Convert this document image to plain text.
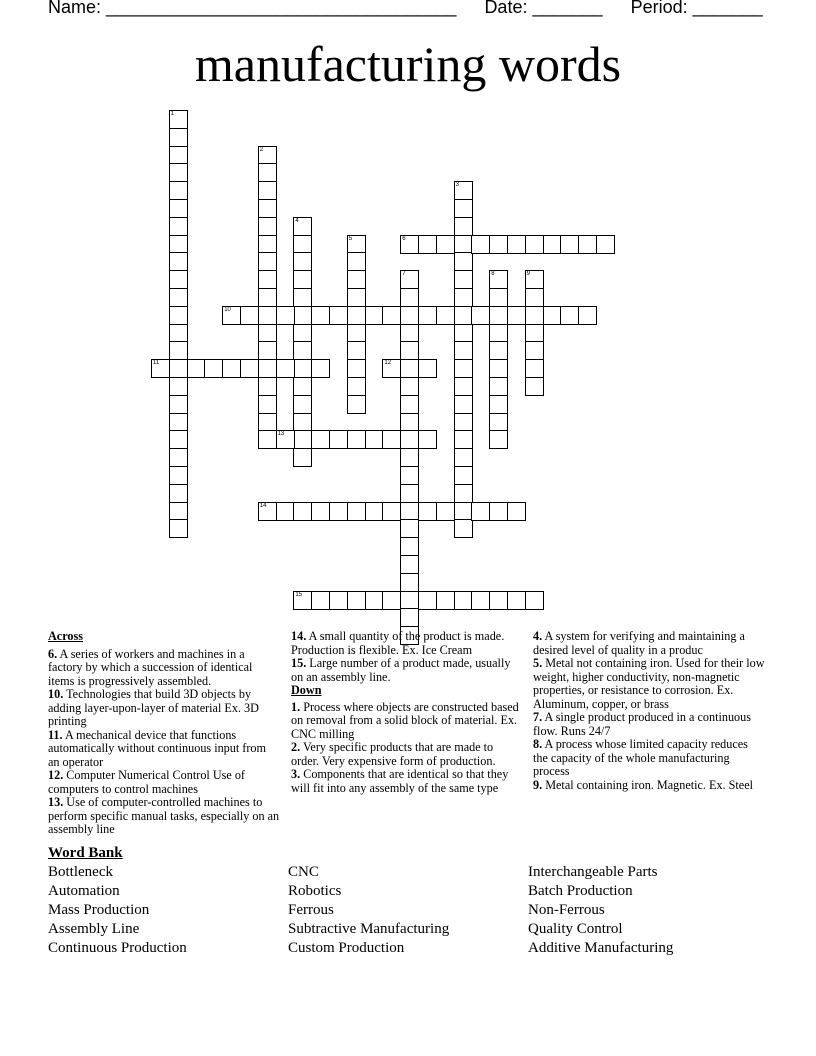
Name: ___________________________________ Date: _______ Period: _______
manufacturing words
1
2
3
4
5	6
7	8	9
10
11	12
13
14
15

Across

6. A series of workers and machines in a factory by which a succession of identical items is progressively assembled.

10. Technologies that build 3D objects by adding layer-upon-layer of material Ex. 3D printing

11. A mechanical device that functions automatically without continuous input from an operator

12. Computer Numerical Control Use of computers to control machines

13. Use of computer-controlled machines to perform specific manual tasks, especially on an assembly line

14. A small quantity of the product is made. Production is flexible. Ex. Ice Cream

15. Large number of a product made, usually on an assembly line.

Down

1. Process where objects are constructed based on removal from a solid block of material. Ex. CNC milling

2. Very specific products that are made to order. Very expensive form of production.

3. Components that are identical so that they will fit into any assembly of the same type

4. A system for verifying and maintaining a desired level of quality in a produc

5. Metal not containing iron. Used for their low weight, higher conductivity, non-magnetic properties, or resistance to corrosion. Ex. Aluminum, copper, or brass

7. A single product produced in a continuous flow. Runs 24/7

8. A process whose limited capacity reduces the capacity of the whole manufacturing process

9. Metal containing iron. Magnetic. Ex. Steel

Word Bank
Bottleneck
Automation
Mass Production
Assembly Line
Continuous Production
CNC
Robotics
Ferrous
Subtractive Manufacturing
Custom Production
Interchangeable Parts
Batch Production
Non-Ferrous
Quality Control
Additive Manufacturing
